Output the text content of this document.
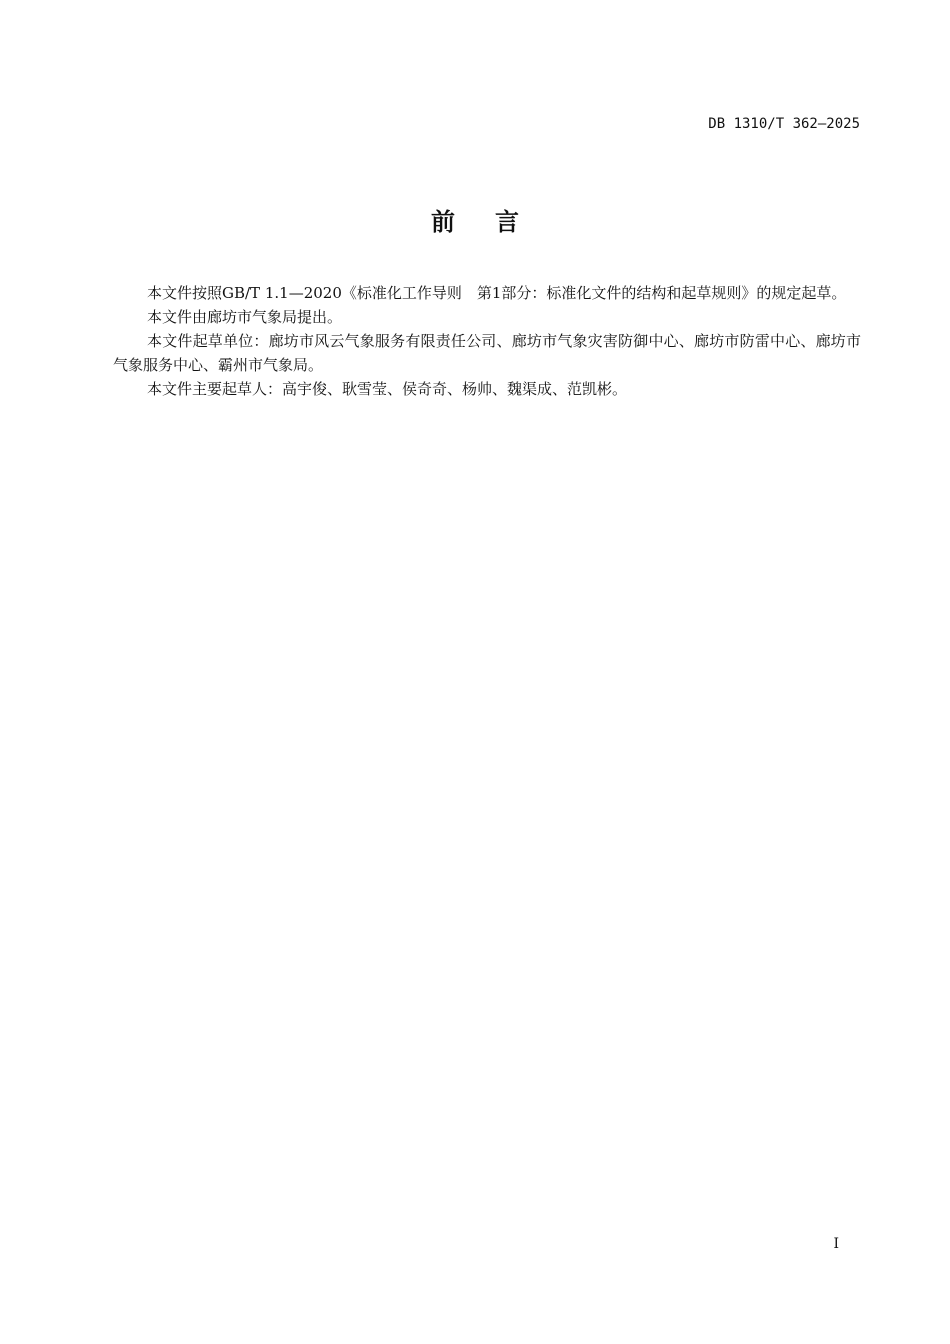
DB 1310/T 362—2025
前 言

本文件按照GB/T 1.1—2020《标准化工作导则　第1部分：标准化文件的结构和起草规则》的规定起草。

本文件由廊坊市气象局提出。

本文件起草单位：廊坊市风云气象服务有限责任公司、廊坊市气象灾害防御中心、廊坊市防雷中心、廊坊市气象服务中心、霸州市气象局。

本文件主要起草人：高宇俊、耿雪莹、侯奇奇、杨帅、魏渠成、范凯彬。

I
